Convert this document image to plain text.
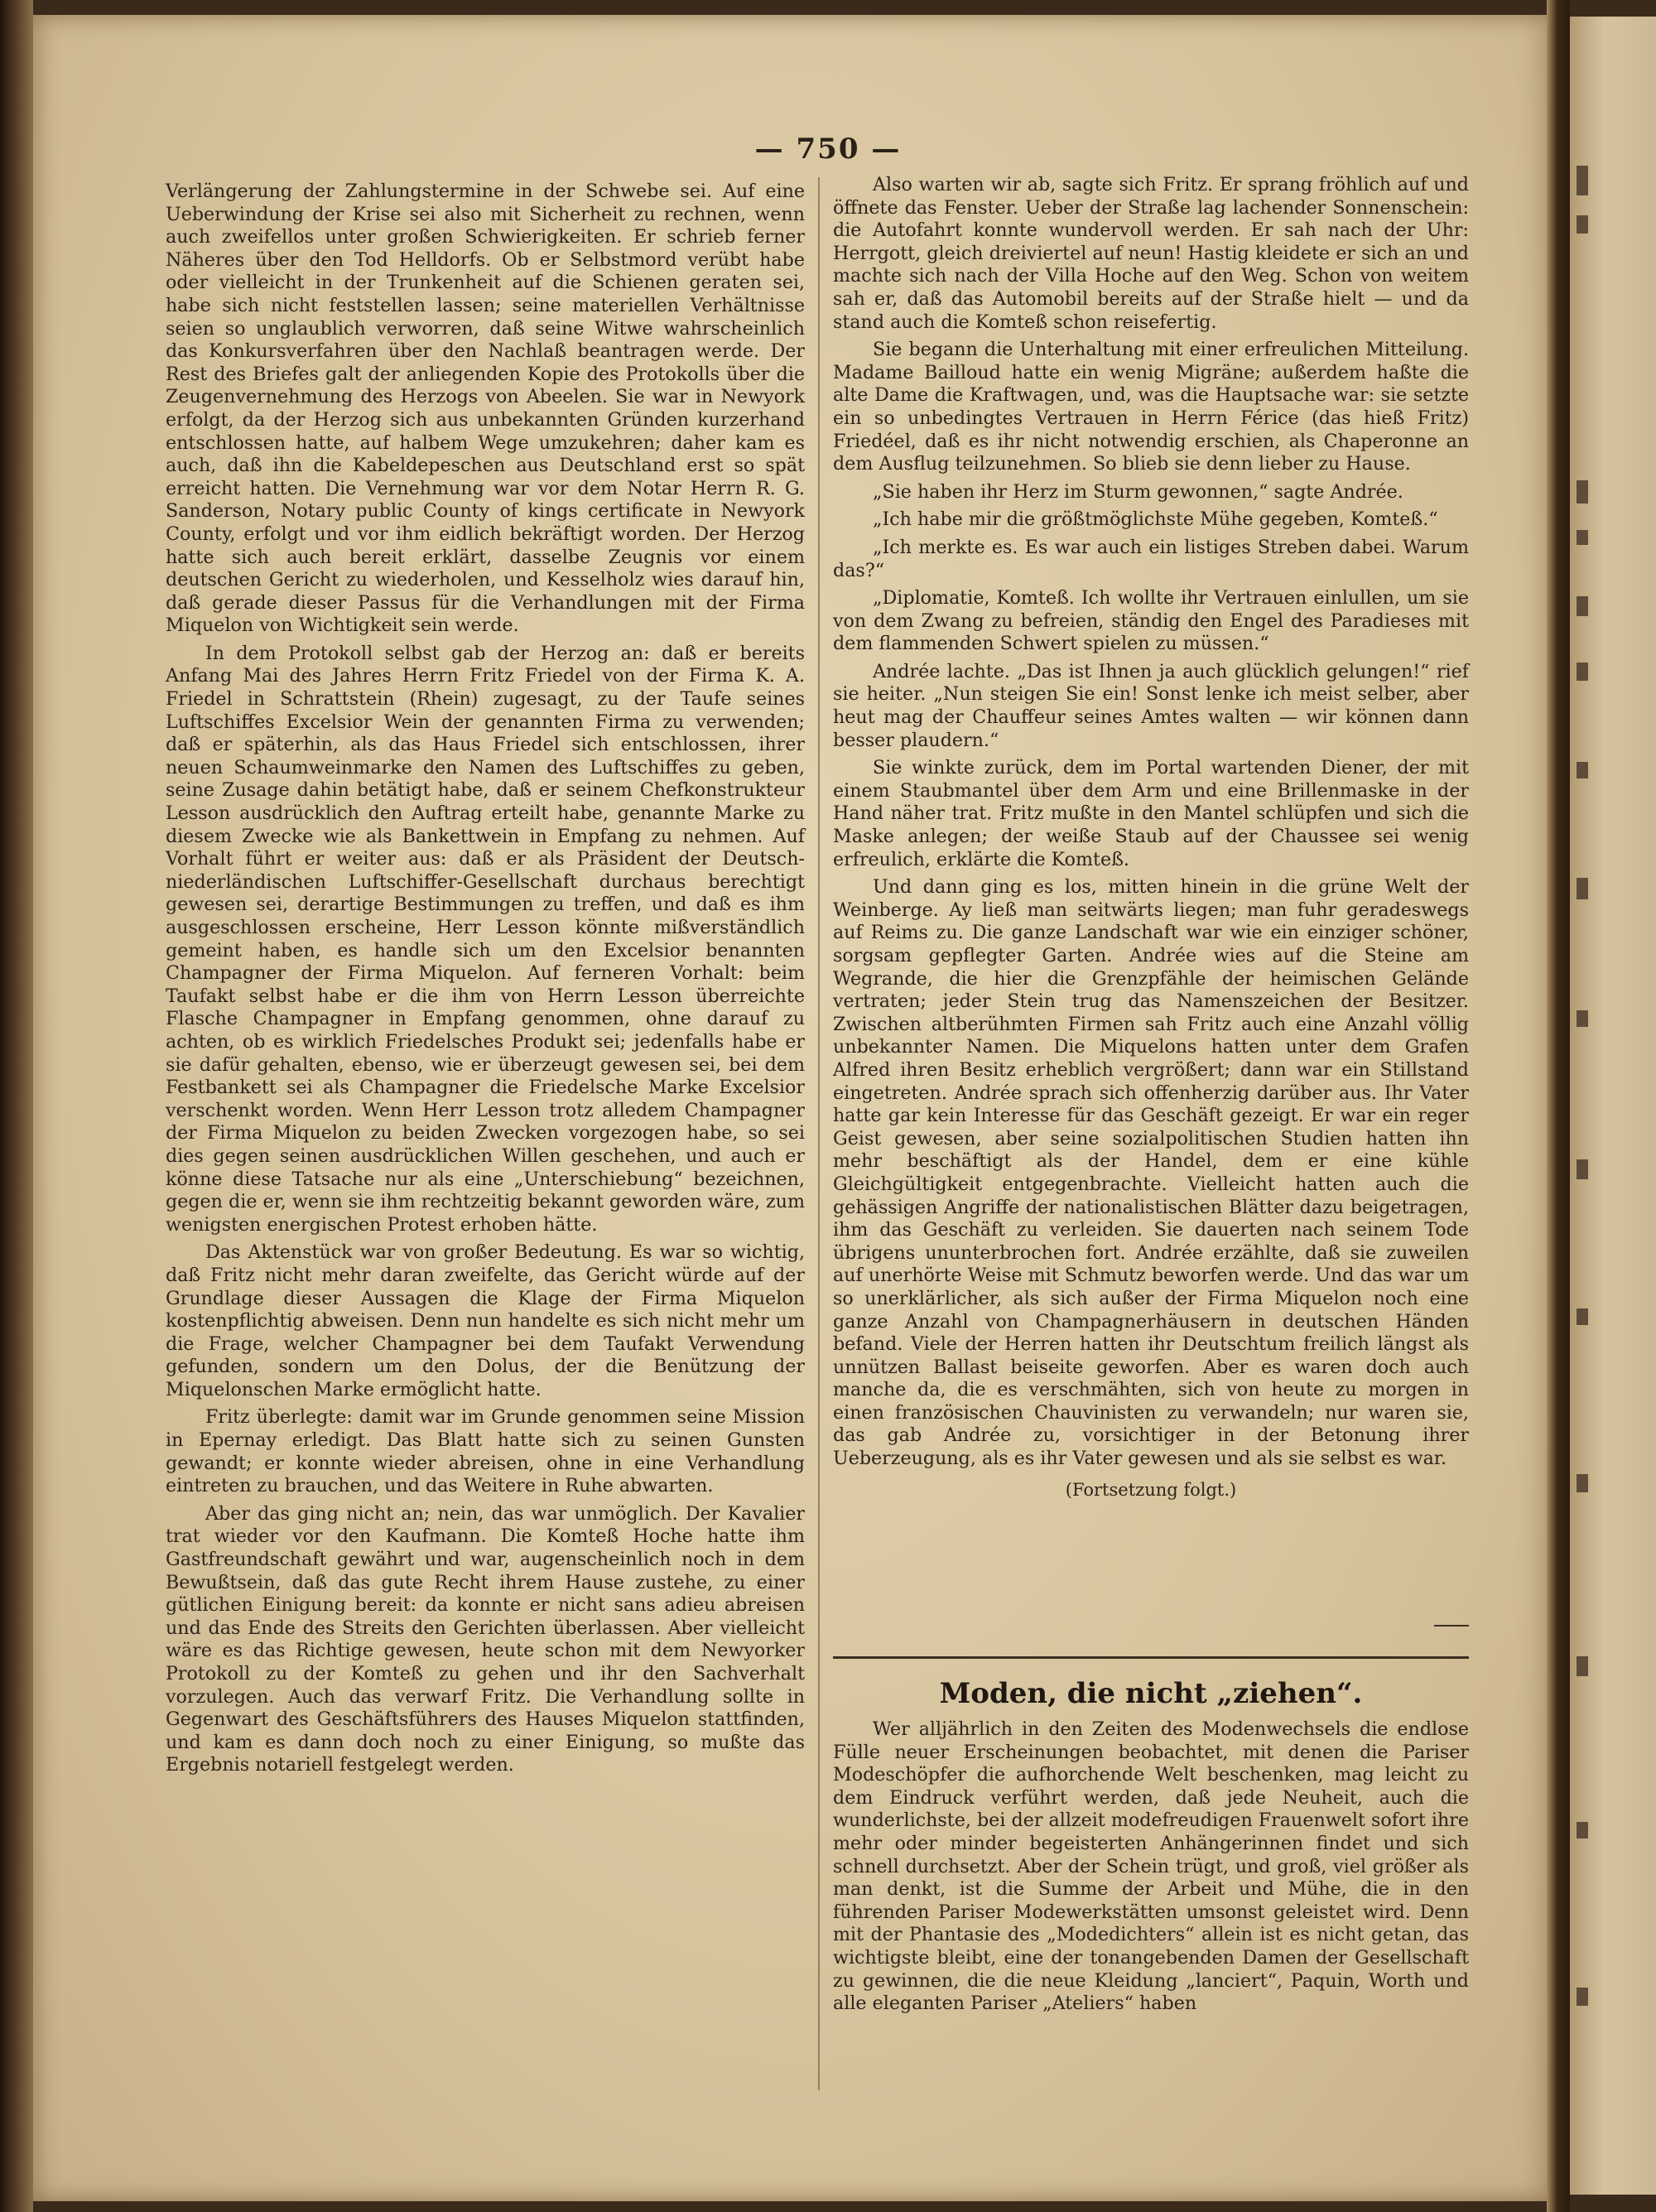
— 750 —

Verlängerung der Zahlungstermine in der Schwebe sei. Auf eine Ueberwindung der Krise sei also mit Sicherheit zu rechnen, wenn auch zweifellos unter großen Schwierigkeiten. Er schrieb ferner Näheres über den Tod Helldorfs. Ob er Selbstmord verübt habe oder vielleicht in der Trunkenheit auf die Schienen geraten sei, habe sich nicht feststellen lassen; seine materiellen Verhältnisse seien so unglaublich verworren, daß seine Witwe wahrscheinlich das Konkursverfahren über den Nachlaß beantragen werde. Der Rest des Briefes galt der anliegenden Kopie des Protokolls über die Zeugenvernehmung des Herzogs von Abeelen. Sie war in Newyork erfolgt, da der Herzog sich aus unbekannten Gründen kurzerhand entschlossen hatte, auf halbem Wege umzukehren; daher kam es auch, daß ihn die Kabeldepeschen aus Deutschland erst so spät erreicht hatten. Die Vernehmung war vor dem Notar Herrn R. G. Sanderson, Notary public County of kings certificate in Newyork County, erfolgt und vor ihm eidlich bekräftigt worden. Der Herzog hatte sich auch bereit erklärt, dasselbe Zeugnis vor einem deutschen Gericht zu wiederholen, und Kesselholz wies darauf hin, daß gerade dieser Passus für die Verhandlungen mit der Firma Miquelon von Wichtigkeit sein werde.

In dem Protokoll selbst gab der Herzog an: daß er bereits Anfang Mai des Jahres Herrn Fritz Friedel von der Firma K. A. Friedel in Schrattstein (Rhein) zugesagt, zu der Taufe seines Luftschiffes Excelsior Wein der genannten Firma zu verwenden; daß er späterhin, als das Haus Friedel sich entschlossen, ihrer neuen Schaumweinmarke den Namen des Luftschiffes zu geben, seine Zusage dahin betätigt habe, daß er seinem Chefkonstrukteur Lesson ausdrücklich den Auftrag erteilt habe, genannte Marke zu diesem Zwecke wie als Bankettwein in Empfang zu nehmen. Auf Vorhalt führt er weiter aus: daß er als Präsident der Deutsch-niederländischen Luftschiffer-Gesellschaft durchaus berechtigt gewesen sei, derartige Bestimmungen zu treffen, und daß es ihm ausgeschlossen erscheine, Herr Lesson könnte mißverständlich gemeint haben, es handle sich um den Excelsior benannten Champagner der Firma Miquelon. Auf ferneren Vorhalt: beim Taufakt selbst habe er die ihm von Herrn Lesson überreichte Flasche Champagner in Empfang genommen, ohne darauf zu achten, ob es wirklich Friedelsches Produkt sei; jedenfalls habe er sie dafür gehalten, ebenso, wie er überzeugt gewesen sei, bei dem Festbankett sei als Champagner die Friedelsche Marke Excelsior verschenkt worden. Wenn Herr Lesson trotz alledem Champagner der Firma Miquelon zu beiden Zwecken vorgezogen habe, so sei dies gegen seinen ausdrücklichen Willen geschehen, und auch er könne diese Tatsache nur als eine „Unterschiebung“ bezeichnen, gegen die er, wenn sie ihm rechtzeitig bekannt geworden wäre, zum wenigsten energischen Protest erhoben hätte.

Das Aktenstück war von großer Bedeutung. Es war so wichtig, daß Fritz nicht mehr daran zweifelte, das Gericht würde auf der Grundlage dieser Aussagen die Klage der Firma Miquelon kostenpflichtig abweisen. Denn nun handelte es sich nicht mehr um die Frage, welcher Champagner bei dem Taufakt Verwendung gefunden, sondern um den Dolus, der die Benützung der Miquelonschen Marke ermöglicht hatte.

Fritz überlegte: damit war im Grunde genommen seine Mission in Epernay erledigt. Das Blatt hatte sich zu seinen Gunsten gewandt; er konnte wieder abreisen, ohne in eine Verhandlung eintreten zu brauchen, und das Weitere in Ruhe abwarten.

Aber das ging nicht an; nein, das war unmöglich. Der Kavalier trat wieder vor den Kaufmann. Die Komteß Hoche hatte ihm Gastfreundschaft gewährt und war, augenscheinlich noch in dem Bewußtsein, daß das gute Recht ihrem Hause zustehe, zu einer gütlichen Einigung bereit: da konnte er nicht sans adieu abreisen und das Ende des Streits den Gerichten überlassen. Aber vielleicht wäre es das Richtige gewesen, heute schon mit dem Newyorker Protokoll zu der Komteß zu gehen und ihr den Sachverhalt vorzulegen. Auch das verwarf Fritz. Die Verhandlung sollte in Gegenwart des Geschäftsführers des Hauses Miquelon stattfinden, und kam es dann doch noch zu einer Einigung, so mußte das Ergebnis notariell festgelegt werden.

Also warten wir ab, sagte sich Fritz. Er sprang fröhlich auf und öffnete das Fenster. Ueber der Straße lag lachender Sonnenschein: die Autofahrt konnte wundervoll werden. Er sah nach der Uhr: Herrgott, gleich dreiviertel auf neun! Hastig kleidete er sich an und machte sich nach der Villa Hoche auf den Weg. Schon von weitem sah er, daß das Automobil bereits auf der Straße hielt — und da stand auch die Komteß schon reisefertig.

Sie begann die Unterhaltung mit einer erfreulichen Mitteilung. Madame Bailloud hatte ein wenig Migräne; außerdem haßte die alte Dame die Kraftwagen, und, was die Hauptsache war: sie setzte ein so unbedingtes Vertrauen in Herrn Férice (das hieß Fritz) Friedéel, daß es ihr nicht notwendig erschien, als Chaperonne an dem Ausflug teilzunehmen. So blieb sie denn lieber zu Hause.

„Sie haben ihr Herz im Sturm gewonnen,“ sagte Andrée.

„Ich habe mir die größtmöglichste Mühe gegeben, Komteß.“

„Ich merkte es. Es war auch ein listiges Streben dabei. Warum das?“

„Diplomatie, Komteß. Ich wollte ihr Vertrauen einlullen, um sie von dem Zwang zu befreien, ständig den Engel des Paradieses mit dem flammenden Schwert spielen zu müssen.“

Andrée lachte. „Das ist Ihnen ja auch glücklich gelungen!“ rief sie heiter. „Nun steigen Sie ein! Sonst lenke ich meist selber, aber heut mag der Chauffeur seines Amtes walten — wir können dann besser plaudern.“

Sie winkte zurück, dem im Portal wartenden Diener, der mit einem Staubmantel über dem Arm und eine Brillenmaske in der Hand näher trat. Fritz mußte in den Mantel schlüpfen und sich die Maske anlegen; der weiße Staub auf der Chaussee sei wenig erfreulich, erklärte die Komteß.

Und dann ging es los, mitten hinein in die grüne Welt der Weinberge. Ay ließ man seitwärts liegen; man fuhr geradeswegs auf Reims zu. Die ganze Landschaft war wie ein einziger schöner, sorgsam gepflegter Garten. Andrée wies auf die Steine am Wegrande, die hier die Grenzpfähle der heimischen Gelände vertraten; jeder Stein trug das Namenszeichen der Besitzer. Zwischen altberühmten Firmen sah Fritz auch eine Anzahl völlig unbekannter Namen. Die Miquelons hatten unter dem Grafen Alfred ihren Besitz erheblich vergrößert; dann war ein Stillstand eingetreten. Andrée sprach sich offenherzig darüber aus. Ihr Vater hatte gar kein Interesse für das Geschäft gezeigt. Er war ein reger Geist gewesen, aber seine sozialpolitischen Studien hatten ihn mehr beschäftigt als der Handel, dem er eine kühle Gleichgültigkeit entgegenbrachte. Vielleicht hatten auch die gehässigen Angriffe der nationalistischen Blätter dazu beigetragen, ihm das Geschäft zu verleiden. Sie dauerten nach seinem Tode übrigens ununterbrochen fort. Andrée erzählte, daß sie zuweilen auf unerhörte Weise mit Schmutz beworfen werde. Und das war um so unerklärlicher, als sich außer der Firma Miquelon noch eine ganze Anzahl von Champagnerhäusern in deutschen Händen befand. Viele der Herren hatten ihr Deutschtum freilich längst als unnützen Ballast beiseite geworfen. Aber es waren doch auch manche da, die es verschmähten, sich von heute zu morgen in einen französischen Chauvinisten zu verwandeln; nur waren sie, das gab Andrée zu, vorsichtiger in der Betonung ihrer Ueberzeugung, als es ihr Vater gewesen und als sie selbst es war.

(Fortsetzung folgt.)

Moden, die nicht „ziehen“.

Wer alljährlich in den Zeiten des Modenwechsels die endlose Fülle neuer Erscheinungen beobachtet, mit denen die Pariser Modeschöpfer die aufhorchende Welt beschenken, mag leicht zu dem Eindruck verführt werden, daß jede Neuheit, auch die wunderlichste, bei der allzeit modefreudigen Frauenwelt sofort ihre mehr oder minder begeisterten Anhängerinnen findet und sich schnell durchsetzt. Aber der Schein trügt, und groß, viel größer als man denkt, ist die Summe der Arbeit und Mühe, die in den führenden Pariser Modewerkstätten umsonst geleistet wird. Denn mit der Phantasie des „Modedichters“ allein ist es nicht getan, das wichtigste bleibt, eine der tonangebenden Damen der Gesellschaft zu gewinnen, die die neue Kleidung „lanciert“, Paquin, Worth und alle eleganten Pariser „Ateliers“ haben
